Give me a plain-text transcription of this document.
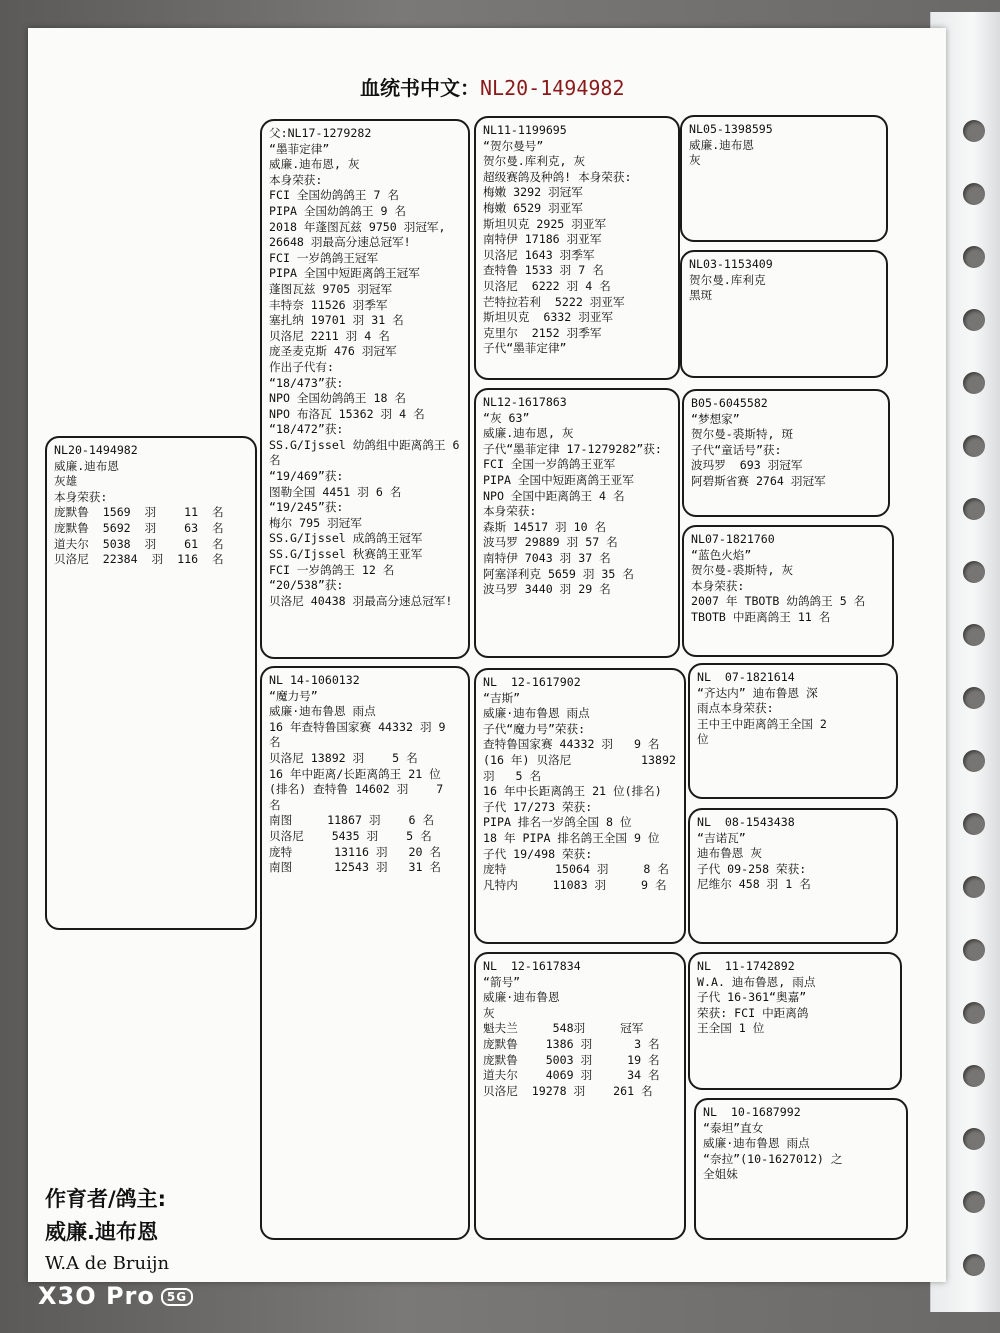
血统书中文：NL20-1494982
NL20-1494982
威廉.迪布恩
灰雄
本身荣获:
庞默鲁  1569  羽    11  名
庞默鲁  5692  羽    63  名
道夫尔  5038  羽    61  名
贝洛尼  22384  羽  116  名
父:NL17-1279282
“墨菲定律”
威廉.迪布恩, 灰
本身荣获:
FCI 全国幼鸽鸽王 7 名
PIPA 全国幼鸽鸽王 9 名
2018 年蓬图瓦兹 9750 羽冠军,
26648 羽最高分速总冠军!
FCI 一岁鸽鸽王冠军
PIPA 全国中短距离鸽王冠军
蓬图瓦兹 9705 羽冠军
丰特奈 11526 羽季军
塞扎纳 19701 羽 31 名
贝洛尼 2211 羽 4 名
庞圣麦克斯 476 羽冠军
作出子代有:
“18/473”获:
NPO 全国幼鸽鸽王 18 名
NPO 布洛瓦 15362 羽 4 名
“18/472”获:
SS.G/Ijssel 幼鸽组中距离鸽王 6
名
“19/469”获:
图勒全国 4451 羽 6 名
“19/245”获:
梅尔 795 羽冠军
SS.G/Ijssel 成鸽鸽王冠军
SS.G/Ijssel 秋赛鸽王亚军
FCI 一岁鸽鸽王 12 名
“20/538”获:
贝洛尼 40438 羽最高分速总冠军!
NL 14-1060132
“魔力号”
威廉·迪布鲁恩 雨点
16 年查特鲁国家赛 44332 羽 9
名
贝洛尼 13892 羽    5 名
16 年中距离/长距离鸽王 21 位
(排名) 查特鲁 14602 羽    7
名
南图     11867 羽    6 名
贝洛尼    5435 羽    5 名
庞特      13116 羽   20 名
南图      12543 羽   31 名
NL11-1199695
“贺尔曼号”
贺尔曼.库利克, 灰
超级赛鸽及种鸽! 本身荣获:
梅嫩 3292 羽冠军
梅嫩 6529 羽亚军
斯坦贝克 2925 羽亚军
南特伊 17186 羽亚军
贝洛尼 1643 羽季军
查特鲁 1533 羽 7 名
贝洛尼  6222 羽 4 名
芒特拉若利  5222 羽亚军
斯坦贝克  6332 羽亚军
克里尔  2152 羽季军
子代“墨菲定律”
NL12-1617863
“灰 63”
威廉.迪布恩, 灰
子代“墨菲定律 17-1279282”获:
FCI 全国一岁鸽鸽王亚军
PIPA 全国中短距离鸽王亚军
NPO 全国中距离鸽王 4 名
本身荣获:
森斯 14517 羽 10 名
波马罗 29889 羽 57 名
南特伊 7043 羽 37 名
阿塞泽利克 5659 羽 35 名
波马罗 3440 羽 29 名
NL  12-1617902
“吉斯”
威廉·迪布鲁恩 雨点
子代“魔力号”荣获:
查特鲁国家赛 44332 羽   9 名
(16 年) 贝洛尼          13892
羽   5 名
16 年中长距离鸽王 21 位(排名)
子代 17/273 荣获:
PIPA 排名一岁鸽全国 8 位
18 年 PIPA 排名鸽王全国 9 位
子代 19/498 荣获:
庞特       15064 羽     8 名
凡特内     11083 羽     9 名
NL  12-1617834
“箭号”
威廉·迪布鲁恩
灰
魁夫兰     548羽     冠军
庞默鲁    1386 羽      3 名
庞默鲁    5003 羽     19 名
道夫尔    4069 羽     34 名
贝洛尼  19278 羽    261 名
NL05-1398595
威廉.迪布恩
灰
NL03-1153409
贺尔曼.库利克
黑斑
B05-6045582
“梦想家”
贺尔曼-裘斯特, 斑
子代“童话号”获:
波玛罗  693 羽冠军
阿碧斯省赛 2764 羽冠军
NL07-1821760
“蓝色火焰”
贺尔曼-裘斯特, 灰
本身荣获:
2007 年 TBOTB 幼鸽鸽王 5 名
TBOTB 中距离鸽王 11 名
NL  07-1821614
“齐达内” 迪布鲁恩 深
雨点本身荣获:
王中王中距离鸽王全国 2
位
NL  08-1543438
“吉诺瓦”
迪布鲁恩 灰
子代 09-258 荣获:
尼维尔 458 羽 1 名
NL  11-1742892
W.A. 迪布鲁恩, 雨点
子代 16-361“奥嘉”
荣获: FCI 中距离鸽
王全国 1 位
NL  10-1687992
“泰坦”直女
威廉·迪布鲁恩 雨点
“奈拉”(10-1627012) 之
全姐妹
作育者/鸽主:
威廉.迪布恩
W.A de Bruijn
X3O Pro 5G
